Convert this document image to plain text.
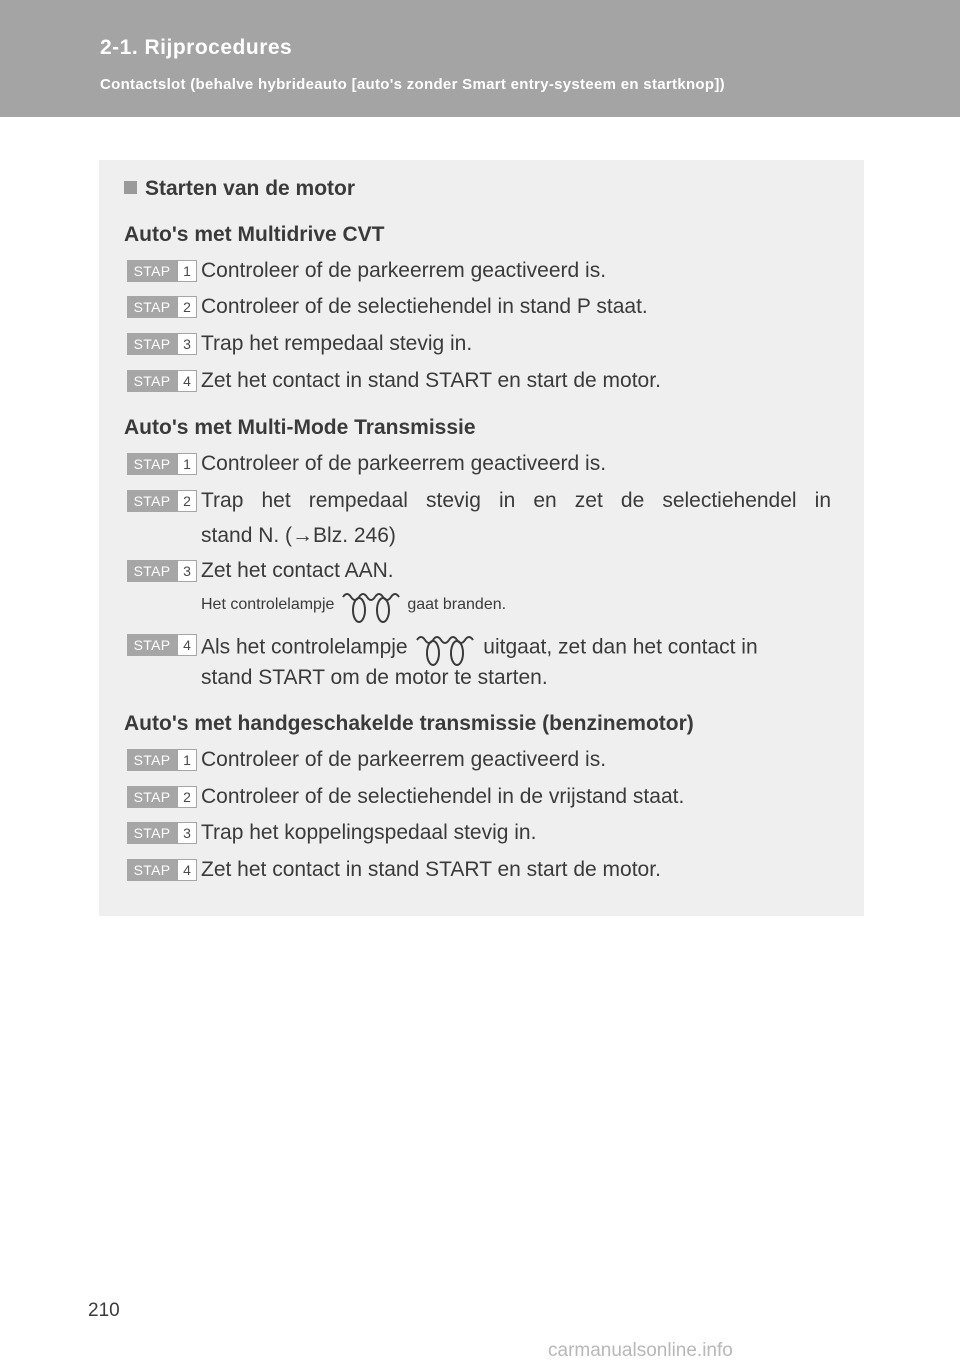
2-1. Rijprocedures
Contactslot (behalve hybrideauto [auto's zonder Smart entry-systeem en startknop])
Starten van de motor
Auto's met Multidrive CVT
STAP 1 Controleer of de parkeerrem geactiveerd is.
STAP 2 Controleer of de selectiehendel in stand P staat.
STAP 3 Trap het rempedaal stevig in.
STAP 4 Zet het contact in stand START en start de motor.
Auto's met Multi-Mode Transmissie
STAP 1 Controleer of de parkeerrem geactiveerd is.
STAP 2 Trap het rempedaal stevig in en zet de selectiehendel in
stand N. (→Blz. 246)
STAP 3 Zet het contact AAN.
Het controlelampje	gaat branden.
STAP 4 Als het controlelampje	uitgaat, zet dan het contact in
stand START om de motor te starten.
Auto's met handgeschakelde transmissie (benzinemotor)
STAP 1 Controleer of de parkeerrem geactiveerd is.
STAP 2 Controleer of de selectiehendel in de vrijstand staat.
STAP 3 Trap het koppelingspedaal stevig in.
STAP 4 Zet het contact in stand START en start de motor.
210
carmanualsonline.info
